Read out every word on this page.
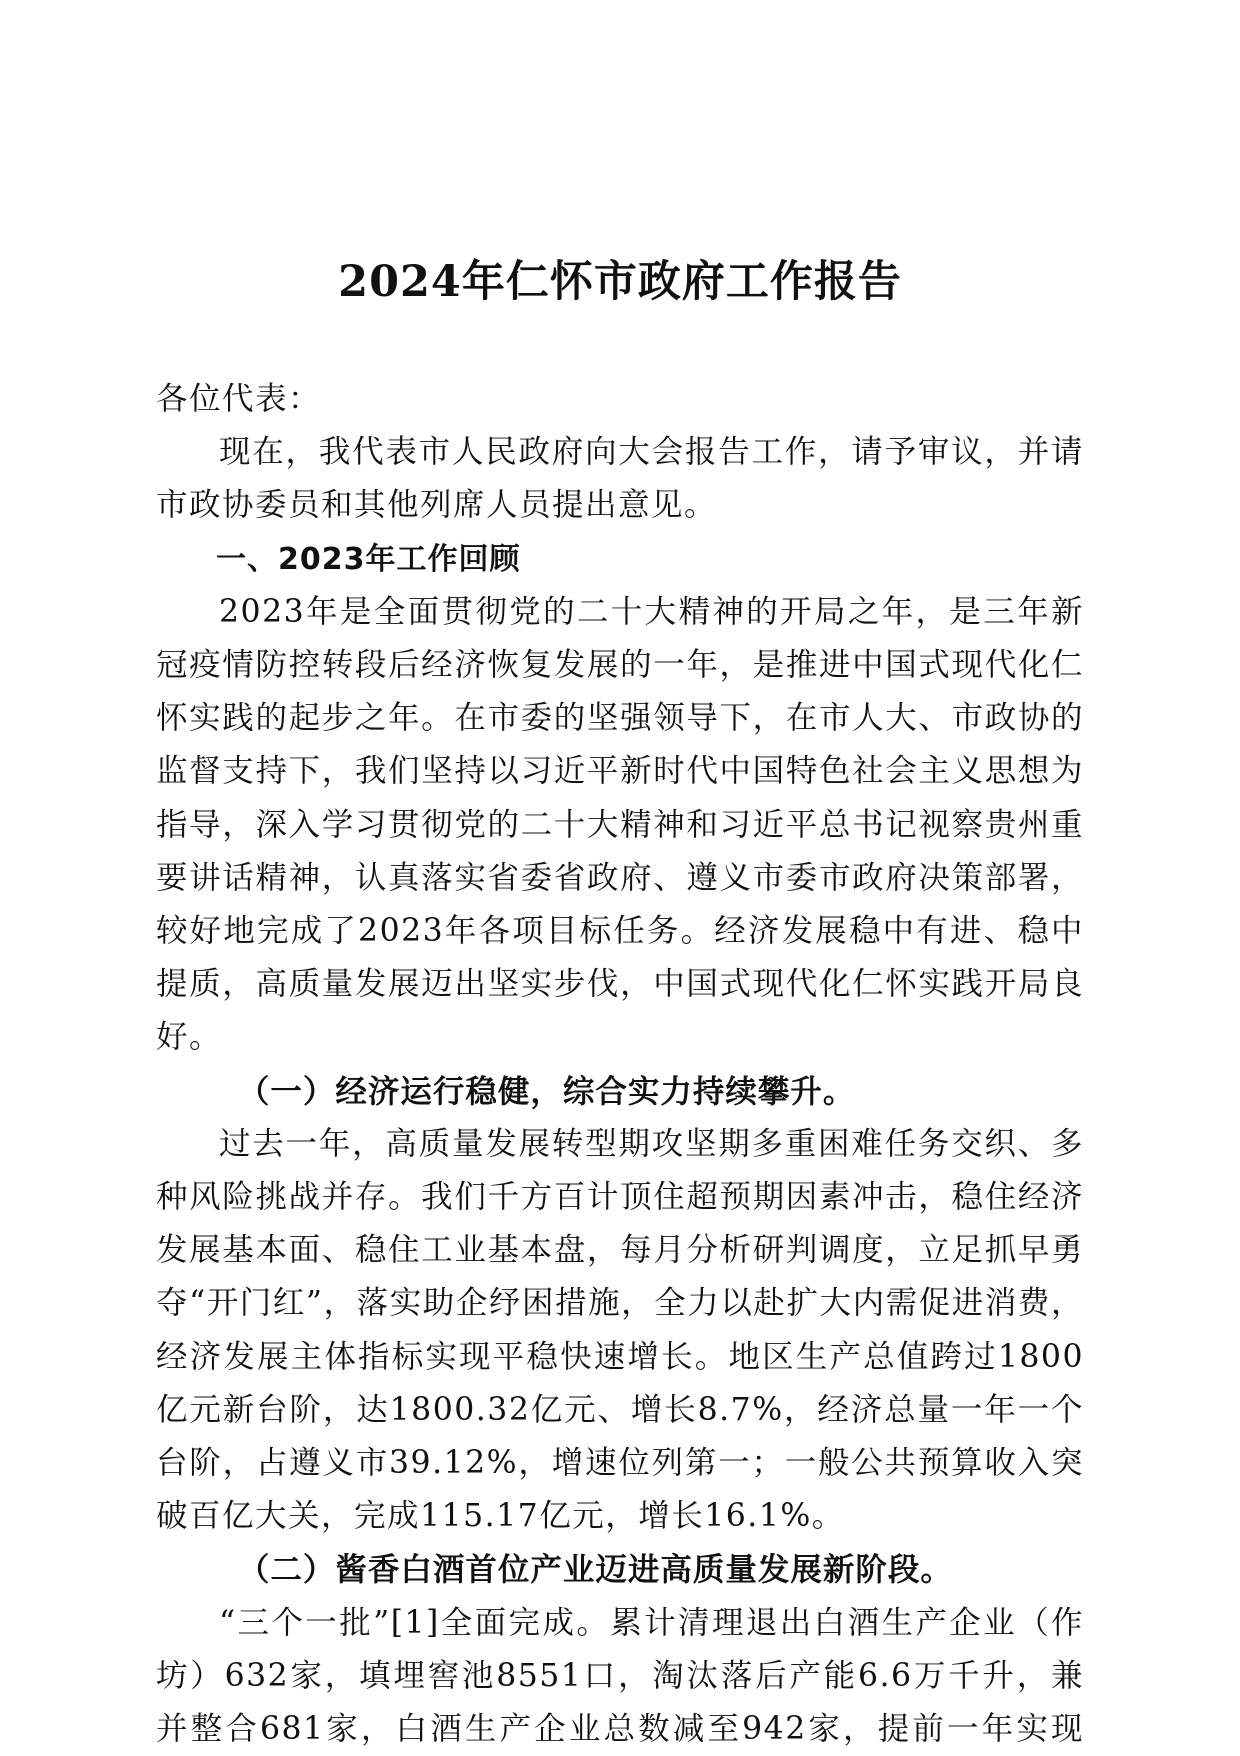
2024年仁怀市政府工作报告

各位代表：

现在，我代表市人民政府向大会报告工作，请予审议，并请市政协委员和其他列席人员提出意见。

一、2023年工作回顾

2023年是全面贯彻党的二十大精神的开局之年，是三年新冠疫情防控转段后经济恢复发展的一年，是推进中国式现代化仁怀实践的起步之年。在市委的坚强领导下，在市人大、市政协的监督支持下，我们坚持以习近平新时代中国特色社会主义思想为指导，深入学习贯彻党的二十大精神和习近平总书记视察贵州重要讲话精神，认真落实省委省政府、遵义市委市政府决策部署，较好地完成了2023年各项目标任务。经济发展稳中有进、稳中提质，高质量发展迈出坚实步伐，中国式现代化仁怀实践开局良好。

（一）经济运行稳健，综合实力持续攀升。

过去一年，高质量发展转型期攻坚期多重困难任务交织、多种风险挑战并存。我们千方百计顶住超预期因素冲击，稳住经济发展基本面、稳住工业基本盘，每月分析研判调度，立足抓早勇夺“开门红”，落实助企纾困措施，全力以赴扩大内需促进消费，经济发展主体指标实现平稳快速增长。地区生产总值跨过1800亿元新台阶，达1800.32亿元、增长8.7%，经济总量一年一个台阶，占遵义市39.12%，增速位列第一；一般公共预算收入突破百亿大关，完成115.17亿元，增长16.1%。

（二）酱香白酒首位产业迈进高质量发展新阶段。

“三个一批”[1]全面完成。累计清理退出白酒生产企业（作坊）632家，填埋窖池8551口，淘汰落后产能6.6万千升，兼并整合681家，白酒生产企业总数减至942家，提前一年实现
